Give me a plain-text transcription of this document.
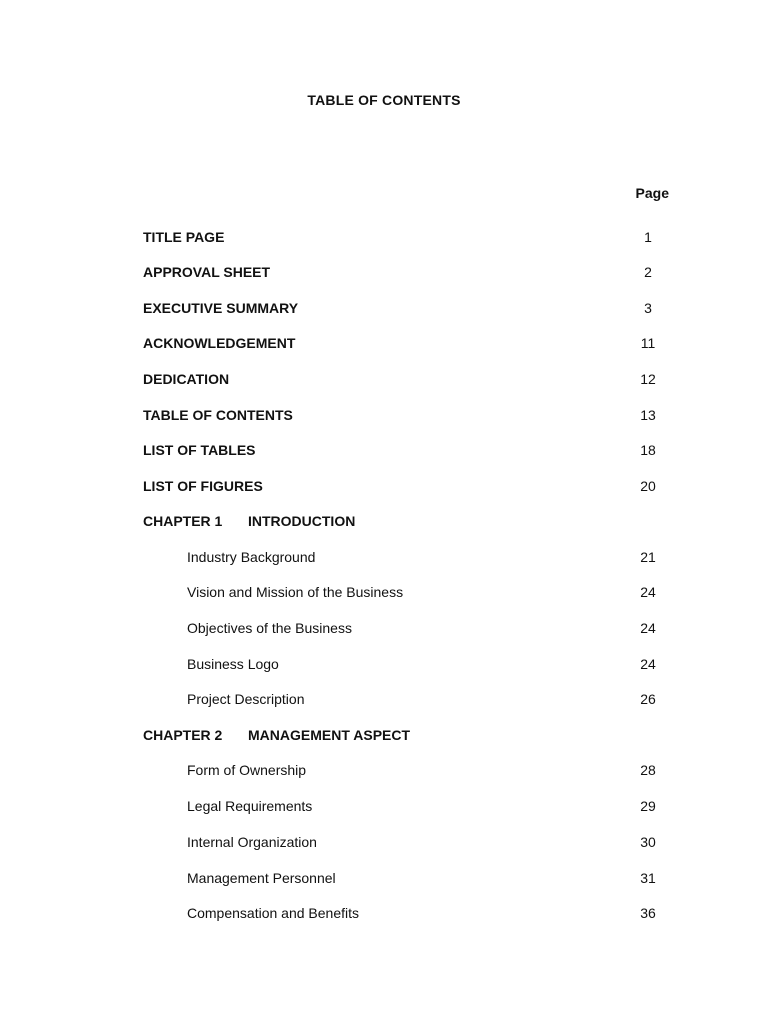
TABLE OF CONTENTS
Page
TITLE PAGE	1
APPROVAL SHEET	2
EXECUTIVE SUMMARY	3
ACKNOWLEDGEMENT	11
DEDICATION	12
TABLE OF CONTENTS	13
LIST OF TABLES	18
LIST OF FIGURES	20
CHAPTER 1 INTRODUCTION
Industry Background	21
Vision and Mission of the Business	24
Objectives of the Business	24
Business Logo	24
Project Description	26
CHAPTER 2 MANAGEMENT ASPECT
Form of Ownership	28
Legal Requirements	29
Internal Organization	30
Management Personnel	31
Compensation and Benefits	36
